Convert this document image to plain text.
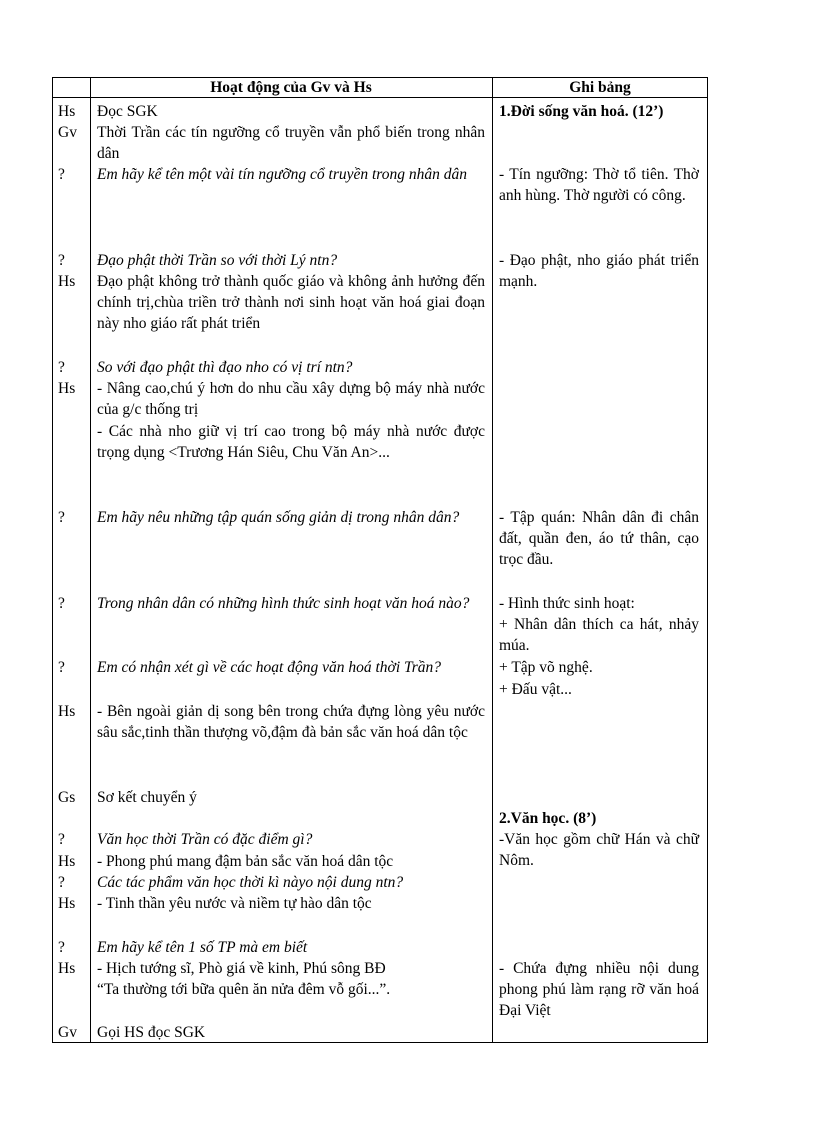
Hoạt động của Gv và Hs	Ghi bảng
Hs
Gv
?
?
Hs
?
Hs
?
?
?
Hs
Gs
?
Hs
?
Hs
?
Hs
Gv
Đọc SGK
Thời Trần các tín ngưỡng cổ truyền vẫn phổ biến trong nhân dân
Em hãy kể tên một vài tín ngưỡng cổ truyền trong nhân dân
Đạo phật thời Trần so với thời Lý ntn?
Đạo phật không trở thành quốc giáo và không ảnh hưởng đến chính trị,chùa triền trở thành nơi sinh hoạt văn hoá giai đoạn này nho giáo rất phát triển
So với đạo phật thì đạo nho có vị trí ntn?
- Nâng cao,chú ý hơn do nhu cầu xây dựng bộ máy nhà nước của g/c thống trị
- Các nhà nho giữ vị trí cao trong bộ máy nhà nước được trọng dụng <Trương Hán Siêu, Chu Văn An>...
Em hãy nêu những tập quán sống giản dị trong nhân dân?
Trong nhân dân có những hình thức sinh hoạt văn hoá nào?
Em có nhận xét gì về các hoạt động văn hoá thời Trần?
- Bên ngoài giản dị song bên trong chứa đựng lòng yêu nước sâu sắc,tinh thần thượng võ,đậm đà bản sắc văn hoá dân tộc
Sơ kết chuyển ý
Văn học thời Trần có đặc điểm gì?
- Phong phú mang đậm bản sắc văn hoá dân tộc
Các tác phẩm văn học thời kì nàyo nội dung ntn?
- Tinh thần yêu nước và niềm tự hào dân tộc
Em hãy kể tên 1 số TP mà em biết
- Hịch tướng sĩ, Phò giá về kinh, Phú sông BĐ
“Ta thường tới bữa quên ăn nửa đêm vỗ gối...”.
Gọi HS đọc SGK
1.Đời sống văn hoá. (12’)
- Tín ngưỡng: Thờ tổ tiên. Thờ anh hùng. Thờ người có công.
- Đạo phật, nho giáo phát triển mạnh.
- Tập quán: Nhân dân đi chân đất, quần đen, áo tứ thân, cạo trọc đầu.
- Hình thức sinh hoạt:
+ Nhân dân thích ca hát, nhảy múa.
+ Tập võ nghệ.
+ Đấu vật...
2.Văn học. (8’)
-Văn học gồm chữ Hán và chữ Nôm.
- Chứa đựng nhiều nội dung phong phú làm rạng rỡ văn hoá Đại Việt
